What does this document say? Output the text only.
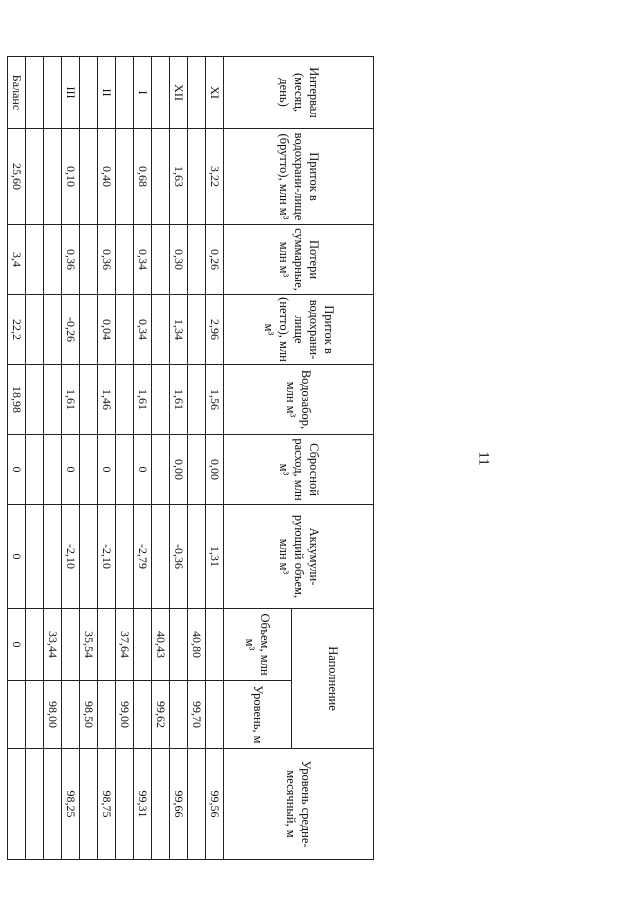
11
Интервал (месяц, день)	Приток в водохрани-лище (брутто), млн м³	Потери суммарные, млн м³	Приток в водохрани-лище (нетто), млн м³	Водозабор, млн м³	Сбросной расход, млн м³	Аккумули-рующий объем, млн м³	Наполнение		Уровень средне-месячный, м
							Объем, млн м³	Уровень, м	
XI	3,22	0,26	2,96	1,56	0,00	1,31			99,56
							40,80	99,70	
XII	1,63	0,30	1,34	1,61	0,00	-0,36			99,66
							40,43	99,62	
I	0,68	0,34	0,34	1,61	0	-2,79			99,31
							37,64	99,00	
II	0,40	0,36	0,04	1,46	0	-2,10			98,75
							35,54	98,50	
III	0,10	0,36	-0,26	1,61	0	-2,10			98,25
							33,44	98,00	

Баланс	25,60	3,4	22,2	18,98	0	0	0		
